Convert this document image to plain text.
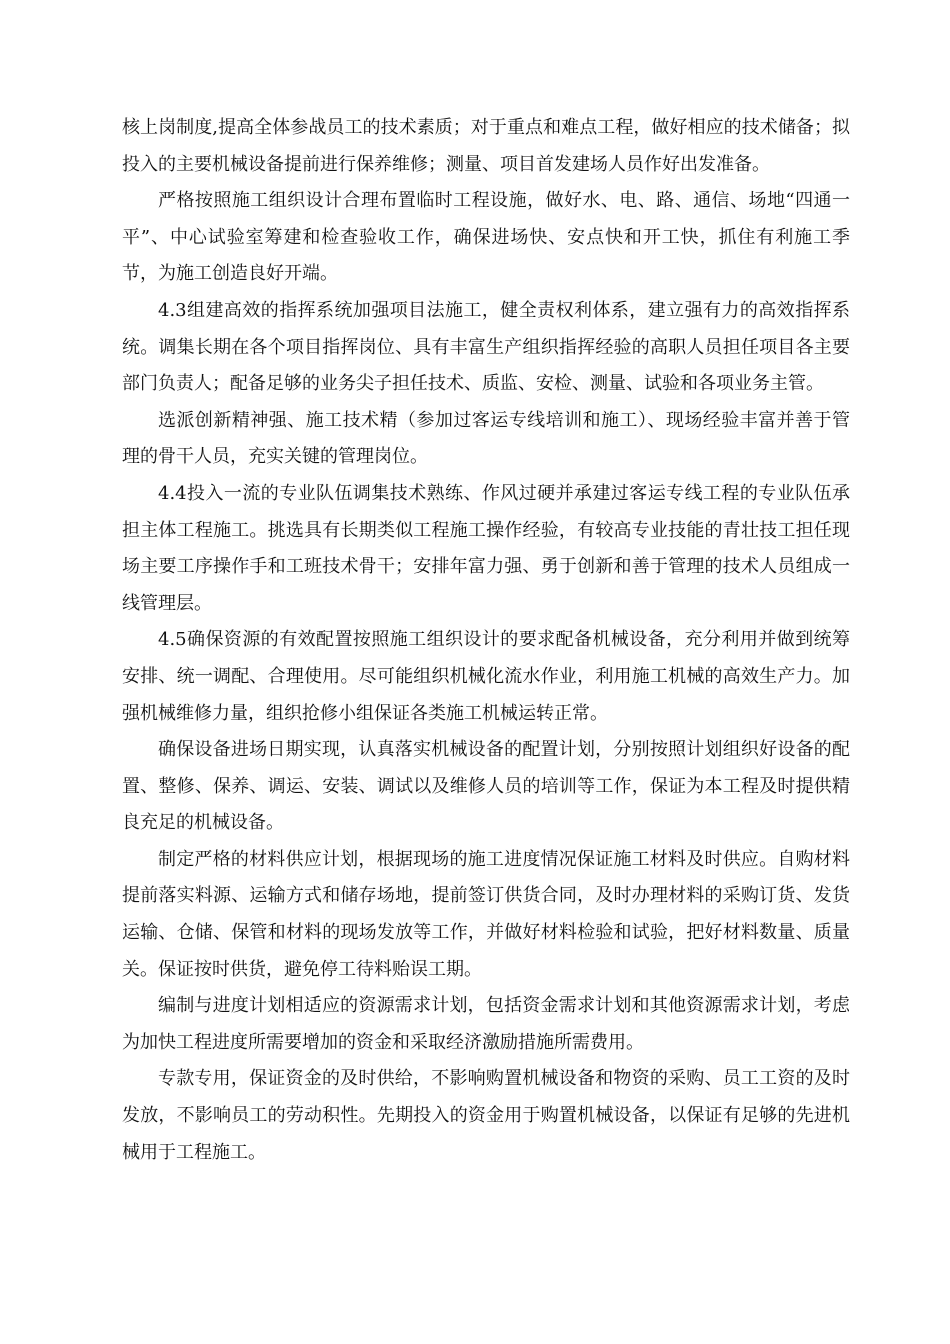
核上岗制度,提高全体参战员工的技术素质；对于重点和难点工程，做好相应的技术储备；拟投入的主要机械设备提前进行保养维修；测量、项目首发建场人员作好出发准备。

严格按照施工组织设计合理布置临时工程设施，做好水、电、路、通信、场地“四通一平”、中心试验室筹建和检查验收工作，确保进场快、安点快和开工快，抓住有利施工季节，为施工创造良好开端。

4.3组建高效的指挥系统加强项目法施工，健全责权利体系，建立强有力的高效指挥系统。调集长期在各个项目指挥岗位、具有丰富生产组织指挥经验的高职人员担任项目各主要部门负责人；配备足够的业务尖子担任技术、质监、安检、测量、试验和各项业务主管。

选派创新精神强、施工技术精（参加过客运专线培训和施工）、现场经验丰富并善于管理的骨干人员，充实关键的管理岗位。

4.4投入一流的专业队伍调集技术熟练、作风过硬并承建过客运专线工程的专业队伍承担主体工程施工。挑选具有长期类似工程施工操作经验，有较高专业技能的青壮技工担任现场主要工序操作手和工班技术骨干；安排年富力强、勇于创新和善于管理的技术人员组成一线管理层。

4.5确保资源的有效配置按照施工组织设计的要求配备机械设备，充分利用并做到统筹安排、统一调配、合理使用。尽可能组织机械化流水作业，利用施工机械的高效生产力。加强机械维修力量，组织抢修小组保证各类施工机械运转正常。

确保设备进场日期实现，认真落实机械设备的配置计划，分别按照计划组织好设备的配置、整修、保养、调运、安装、调试以及维修人员的培训等工作，保证为本工程及时提供精良充足的机械设备。

制定严格的材料供应计划，根据现场的施工进度情况保证施工材料及时供应。自购材料提前落实料源、运输方式和储存场地，提前签订供货合同，及时办理材料的采购订货、发货运输、仓储、保管和材料的现场发放等工作，并做好材料检验和试验，把好材料数量、质量关。保证按时供货，避免停工待料贻误工期。

编制与进度计划相适应的资源需求计划，包括资金需求计划和其他资源需求计划，考虑为加快工程进度所需要增加的资金和采取经济激励措施所需费用。

专款专用，保证资金的及时供给，不影响购置机械设备和物资的采购、员工工资的及时发放，不影响员工的劳动积性。先期投入的资金用于购置机械设备，以保证有足够的先进机械用于工程施工。
